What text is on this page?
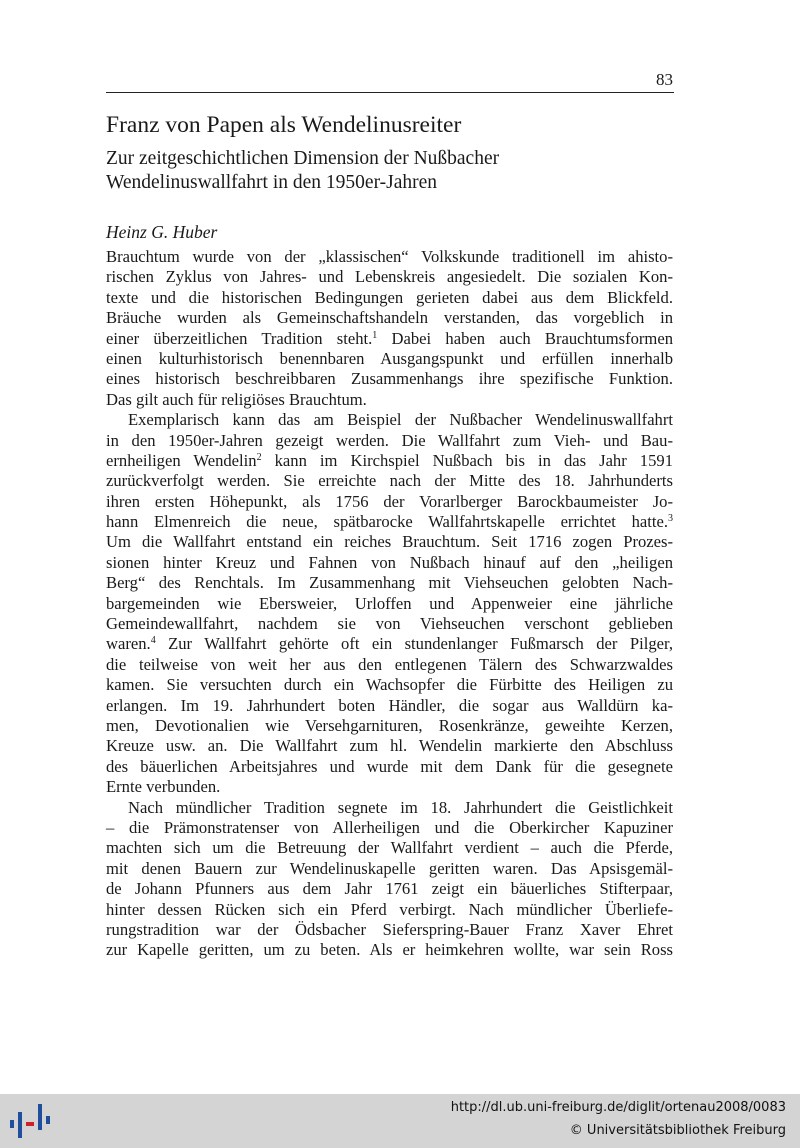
83
Franz von Papen als Wendelinusreiter
Zur zeitgeschichtlichen Dimension der Nußbacher
Wendelinuswallfahrt in den 1950er-Jahren
Heinz G. Huber
Brauchtum wurde von der „klassischen“ Volkskunde traditionell im ahisto-
rischen Zyklus von Jahres- und Lebenskreis angesiedelt. Die sozialen Kon-
texte und die historischen Bedingungen gerieten dabei aus dem Blickfeld.
Bräuche wurden als Gemeinschaftshandeln verstanden, das vorgeblich in
einer überzeitlichen Tradition steht.$^1$ Dabei haben auch Brauchtumsformen
einen kulturhistorisch benennbaren Ausgangspunkt und erfüllen innerhalb
eines historisch beschreibbaren Zusammenhangs ihre spezifische Funktion.
Das gilt auch für religiöses Brauchtum.
Exemplarisch kann das am Beispiel der Nußbacher Wendelinuswallfahrt
in den 1950er-Jahren gezeigt werden. Die Wallfahrt zum Vieh- und Bau-
ernheiligen Wendelin$^2$ kann im Kirchspiel Nußbach bis in das Jahr 1591
zurückverfolgt werden. Sie erreichte nach der Mitte des 18. Jahrhunderts
ihren ersten Höhepunkt, als 1756 der Vorarlberger Barockbaumeister Jo-
hann Elmenreich die neue, spätbarocke Wallfahrtskapelle errichtet hatte.$^3$
Um die Wallfahrt entstand ein reiches Brauchtum. Seit 1716 zogen Prozes-
sionen hinter Kreuz und Fahnen von Nußbach hinauf auf den „heiligen
Berg“ des Renchtals. Im Zusammenhang mit Viehseuchen gelobten Nach-
bargemeinden wie Ebersweier, Urloffen und Appenweier eine jährliche
Gemeindewallfahrt, nachdem sie von Viehseuchen verschont geblieben
waren.$^4$ Zur Wallfahrt gehörte oft ein stundenlanger Fußmarsch der Pilger,
die teilweise von weit her aus den entlegenen Tälern des Schwarzwaldes
kamen. Sie versuchten durch ein Wachsopfer die Fürbitte des Heiligen zu
erlangen. Im 19. Jahrhundert boten Händler, die sogar aus Walldürn ka-
men, Devotionalien wie Versehgarnituren, Rosenkränze, geweihte Kerzen,
Kreuze usw. an. Die Wallfahrt zum hl. Wendelin markierte den Abschluss
des bäuerlichen Arbeitsjahres und wurde mit dem Dank für die gesegnete
Ernte verbunden.
Nach mündlicher Tradition segnete im 18. Jahrhundert die Geistlichkeit
– die Prämonstratenser von Allerheiligen und die Oberkircher Kapuziner
machten sich um die Betreuung der Wallfahrt verdient – auch die Pferde,
mit denen Bauern zur Wendelinuskapelle geritten waren. Das Apsisgemäl-
de Johann Pfunners aus dem Jahr 1761 zeigt ein bäuerliches Stifterpaar,
hinter dessen Rücken sich ein Pferd verbirgt. Nach mündlicher Überliefe-
rungstradition war der Ödsbacher Sieferspring-Bauer Franz Xaver Ehret
zur Kapelle geritten, um zu beten. Als er heimkehren wollte, war sein Ross
http://dl.ub.uni-freiburg.de/diglit/ortenau2008/0083
© Universitätsbibliothek Freiburg
